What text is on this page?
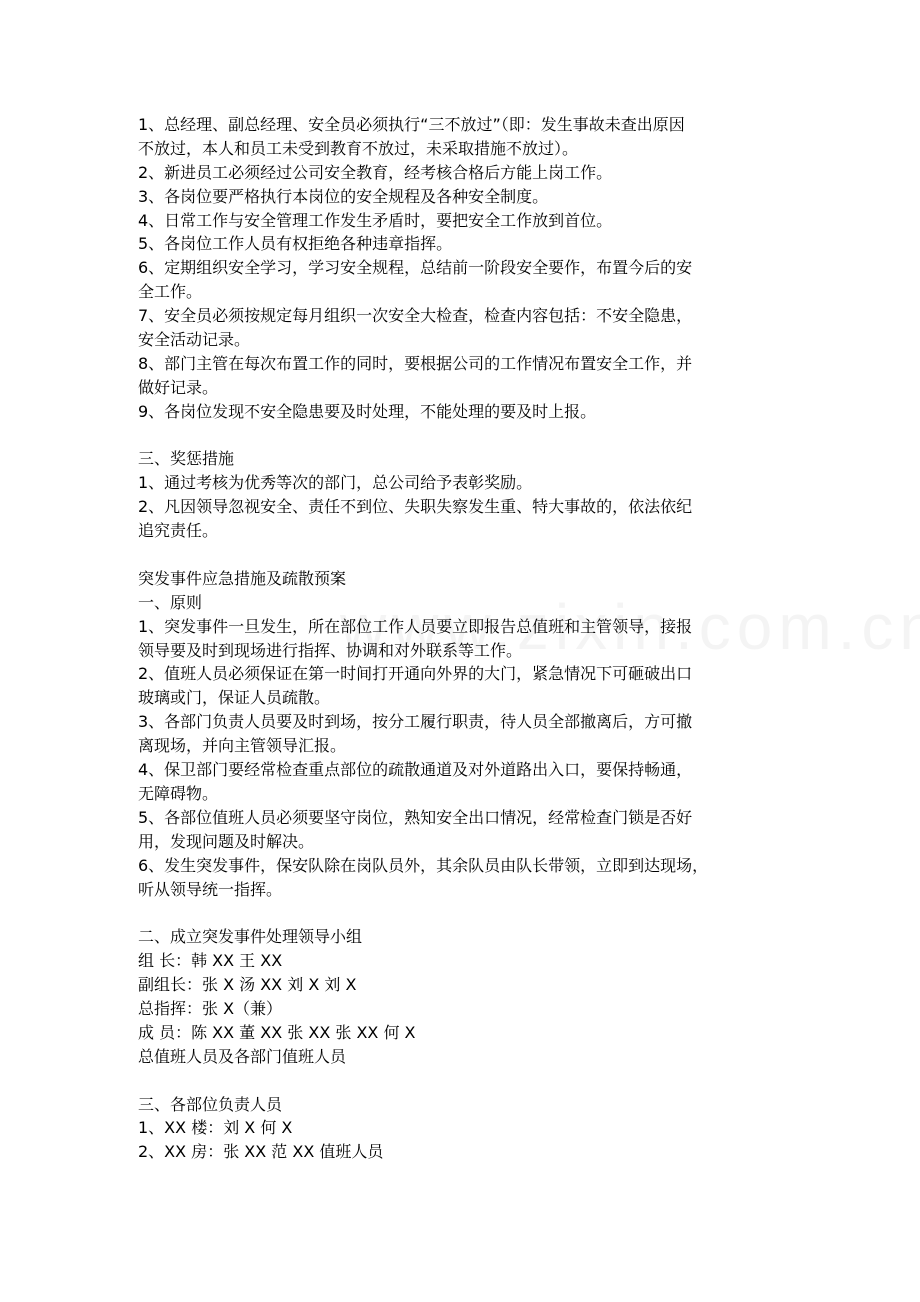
1、总经理、副总经理、安全员必须执行“三不放过”（即：发生事故未查出原因
不放过，本人和员工未受到教育不放过，未采取措施不放过）。
2、新进员工必须经过公司安全教育，经考核合格后方能上岗工作。
3、各岗位要严格执行本岗位的安全规程及各种安全制度。
4、日常工作与安全管理工作发生矛盾时，要把安全工作放到首位。
5、各岗位工作人员有权拒绝各种违章指挥。
6、定期组织安全学习，学习安全规程，总结前一阶段安全要作，布置今后的安
全工作。
7、安全员必须按规定每月组织一次安全大检查，检查内容包括：不安全隐患，
安全活动记录。
8、部门主管在每次布置工作的同时，要根据公司的工作情况布置安全工作，并
做好记录。
9、各岗位发现不安全隐患要及时处理，不能处理的要及时上报。
三、奖惩措施
1、通过考核为优秀等次的部门，总公司给予表彰奖励。
2、凡因领导忽视安全、责任不到位、失职失察发生重、特大事故的，依法依纪
追究责任。
突发事件应急措施及疏散预案
一、原则
1、突发事件一旦发生，所在部位工作人员要立即报告总值班和主管领导，接报
领导要及时到现场进行指挥、协调和对外联系等工作。
2、值班人员必须保证在第一时间打开通向外界的大门，紧急情况下可砸破出口
玻璃或门，保证人员疏散。
3、各部门负责人员要及时到场，按分工履行职责，待人员全部撤离后，方可撤
离现场，并向主管领导汇报。
4、保卫部门要经常检查重点部位的疏散通道及对外道路出入口，要保持畅通，
无障碍物。
5、各部位值班人员必须要坚守岗位，熟知安全出口情况，经常检查门锁是否好
用，发现问题及时解决。
6、发生突发事件，保安队除在岗队员外，其余队员由队长带领，立即到达现场，
听从领导统一指挥。
二、成立突发事件处理领导小组
组 长：韩 XX 王 XX
副组长：张 X 汤 XX 刘 X 刘 X
总指挥：张 X（兼）
成 员：陈 XX 董 XX 张 XX 张 XX 何 X
总值班人员及各部门值班人员
三、各部位负责人员
1、XX 楼：刘 X 何 X
2、XX 房：张 XX 范 XX 值班人员
